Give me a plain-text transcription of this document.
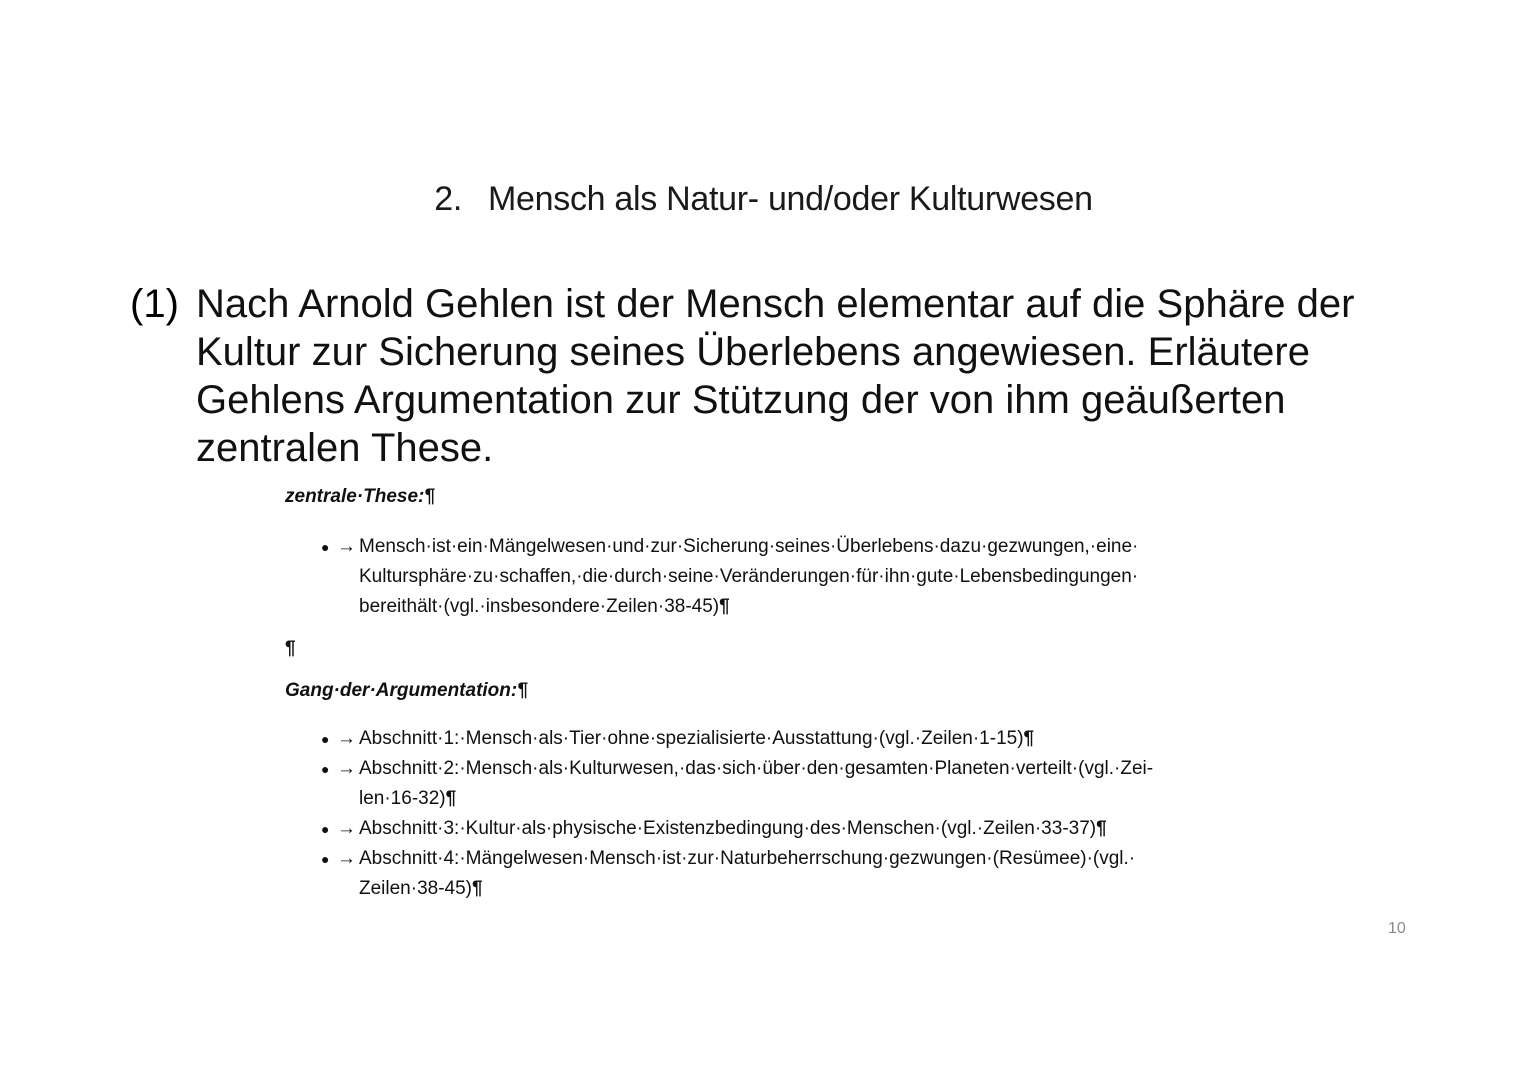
2. Mensch als Natur- und/oder Kulturwesen
(1) Nach Arnold Gehlen ist der Mensch elementar auf die Sphäre der Kultur zur Sicherung seines Überlebens angewiesen. Erläutere Gehlens Argumentation zur Stützung der von ihm geäußerten zentralen These.
zentrale·These:¶
● → Mensch·ist·ein·Mängelwesen·und·zur·Sicherung·seines·Überlebens·dazu·gezwungen,·eine· Kultursphäre·zu·schaffen,·die·durch·seine·Veränderungen·für·ihn·gute·Lebensbedingungen· bereithält·(vgl.·insbesondere·Zeilen·38-45)¶
¶
Gang·der·Argumentation:¶
● → Abschnitt·1:·Mensch·als·Tier·ohne·spezialisierte·Ausstattung·(vgl.·Zeilen·1-15)¶
● → Abschnitt·2:·Mensch·als·Kulturwesen,·das·sich·über·den·gesamten·Planeten·verteilt·(vgl.·Zei- len·16-32)¶
● → Abschnitt·3:·Kultur·als·physische·Existenzbedingung·des·Menschen·(vgl.·Zeilen·33-37)¶
● → Abschnitt·4:·Mängelwesen·Mensch·ist·zur·Naturbeherrschung·gezwungen·(Resümee)·(vgl.· Zeilen·38-45)¶
10
